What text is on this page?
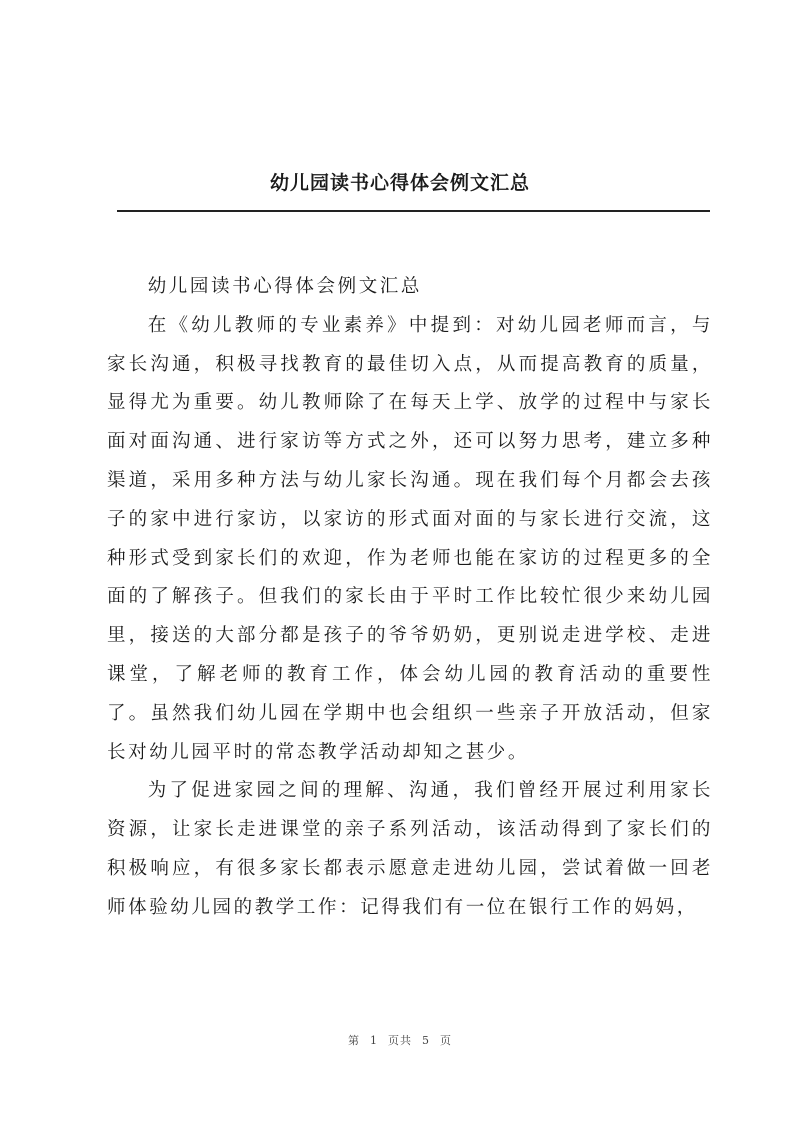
幼儿园读书心得体会例文汇总

幼儿园读书心得体会例文汇总

在《幼儿教师的专业素养》中提到：对幼儿园老师而言，与家长沟通，积极寻找教育的最佳切入点，从而提高教育的质量，显得尤为重要。幼儿教师除了在每天上学、放学的过程中与家长面对面沟通、进行家访等方式之外，还可以努力思考，建立多种渠道，采用多种方法与幼儿家长沟通。现在我们每个月都会去孩子的家中进行家访，以家访的形式面对面的与家长进行交流，这种形式受到家长们的欢迎，作为老师也能在家访的过程更多的全面的了解孩子。但我们的家长由于平时工作比较忙很少来幼儿园里，接送的大部分都是孩子的爷爷奶奶，更别说走进学校、走进课堂，了解老师的教育工作，体会幼儿园的教育活动的重要性了。虽然我们幼儿园在学期中也会组织一些亲子开放活动，但家长对幼儿园平时的常态教学活动却知之甚少。

为了促进家园之间的理解、沟通，我们曾经开展过利用家长资源，让家长走进课堂的亲子系列活动，该活动得到了家长们的积极响应，有很多家长都表示愿意走进幼儿园，尝试着做一回老师体验幼儿园的教学工作：记得我们有一位在银行工作的妈妈，

第 1 页共 5 页
